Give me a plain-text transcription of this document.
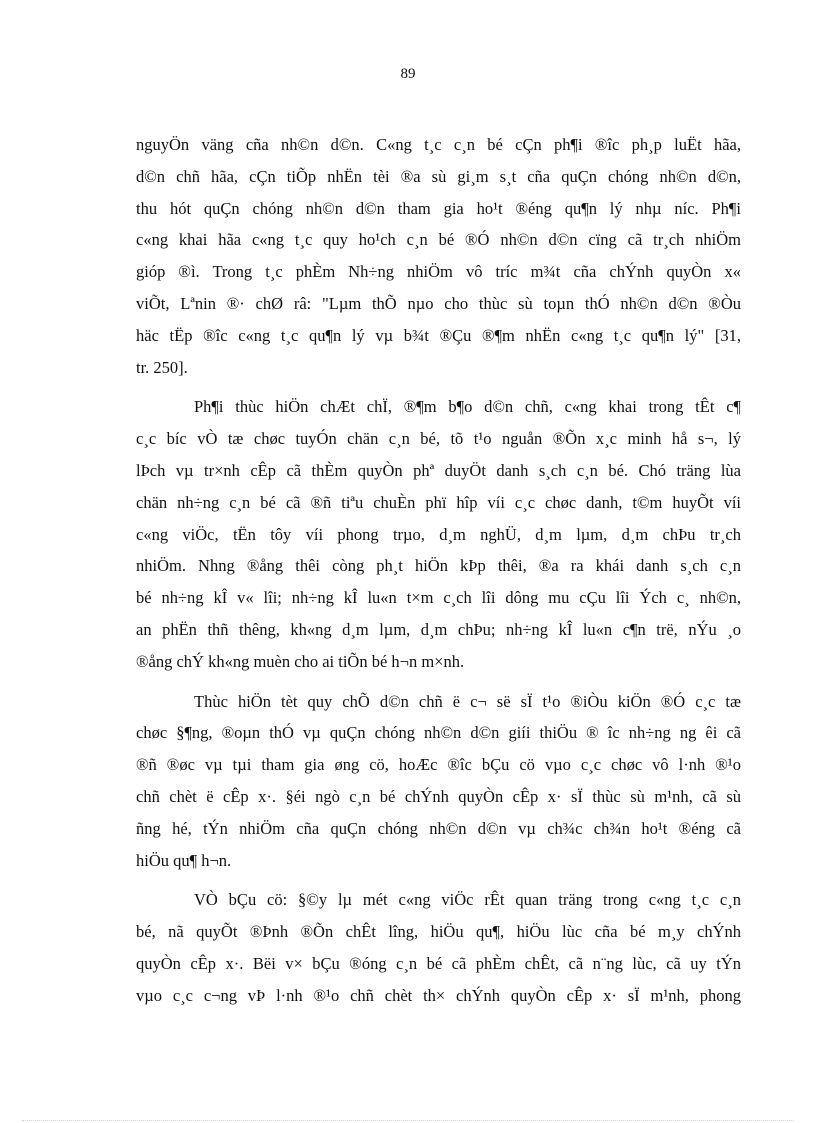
89
nguyÖn väng cña nh©n d©n. C«ng t¸c c¸n bé cÇn ph¶i ®îc ph¸p luËt hãa,
d©n chñ hãa, cÇn tiÕp nhËn tèi ®a sù gi¸m s¸t cña quÇn chóng nh©n d©n,
thu hót quÇn chóng nh©n d©n tham gia ho¹t ®éng qu¶n lý nhµ níc. Ph¶i
c«ng khai hãa c«ng t¸c quy ho¹ch c¸n bé ®Ó nh©n d©n cïng cã tr¸ch nhiÖm
gióp ®ì. Trong t¸c phÈm Nh÷ng nhiÖm vô tríc m¾t cña chÝnh quyÒn x«
viÕt, Lªnin ®· chØ râ: "Lµm thÕ nµo cho thùc sù toµn thÓ nh©n d©n ®Òu
häc tËp ®îc c«ng t¸c qu¶n lý vµ b¾t ®Çu ®¶m nhËn c«ng t¸c qu¶n lý" [31,
tr. 250].
Ph¶i thùc hiÖn chÆt chÏ, ®¶m b¶o d©n chñ, c«ng khai trong tÊt c¶
c¸c bíc vÒ tæ chøc tuyÓn chän c¸n bé, tõ t¹o nguån ®Õn x¸c minh hå s¬, lý
lÞch vµ tr×nh cÊp cã thÈm quyÒn phª duyÖt danh s¸ch c¸n bé. Chó träng lùa
chän nh÷ng c¸n bé cã ®ñ tiªu chuÈn phï hîp víi c¸c chøc danh, t©m huyÕt víi
c«ng viÖc, tËn tôy víi phong trµo, d¸m nghÜ, d¸m lµm, d¸m chÞu tr¸ch
nhiÖm. Nhng ®ång thêi còng ph¸t hiÖn kÞp thêi, ®a ra khái danh s¸ch c¸n
bé nh÷ng kÎ v« lîi; nh÷ng kÎ lu«n t×m c¸ch lîi dông mu cÇu lîi Ých c¸ nh©n,
an phËn thñ thêng, kh«ng d¸m lµm, d¸m chÞu; nh÷ng kÎ lu«n c¶n trë, nÝu ¸o
®ång chÝ kh«ng muèn cho ai tiÕn bé h¬n m×nh.
Thùc hiÖn tèt quy chÕ d©n chñ ë c¬ së sÏ t¹o ®iÒu kiÖn ®Ó c¸c tæ
chøc §¶ng, ®oµn thÓ vµ quÇn chóng nh©n d©n giíi thiÖu ® îc nh÷ng ng êi cã
®ñ ®øc vµ tµi tham gia øng cö, hoÆc ®îc bÇu cö vµo c¸c chøc vô l·nh ®¹o
chñ chèt ë cÊp x·. §éi ngò c¸n bé chÝnh quyÒn cÊp x· sÏ thùc sù m¹nh, cã sù
ñng hé, tÝn nhiÖm cña quÇn chóng nh©n d©n vµ ch¾c ch¾n ho¹t ®éng cã
hiÖu qu¶ h¬n.
VÒ bÇu cö: §©y lµ mét c«ng viÖc rÊt quan träng trong c«ng t¸c c¸n
bé, nã quyÕt ®Þnh ®Õn chÊt lîng, hiÖu qu¶, hiÖu lùc cña bé m¸y chÝnh
quyÒn cÊp x·. Bëi v× bÇu ®óng c¸n bé cã phÈm chÊt, cã n¨ng lùc, cã uy tÝn
vµo c¸c c¬ng vÞ l·nh ®¹o chñ chèt th× chÝnh quyÒn cÊp x· sÏ m¹nh, phong
